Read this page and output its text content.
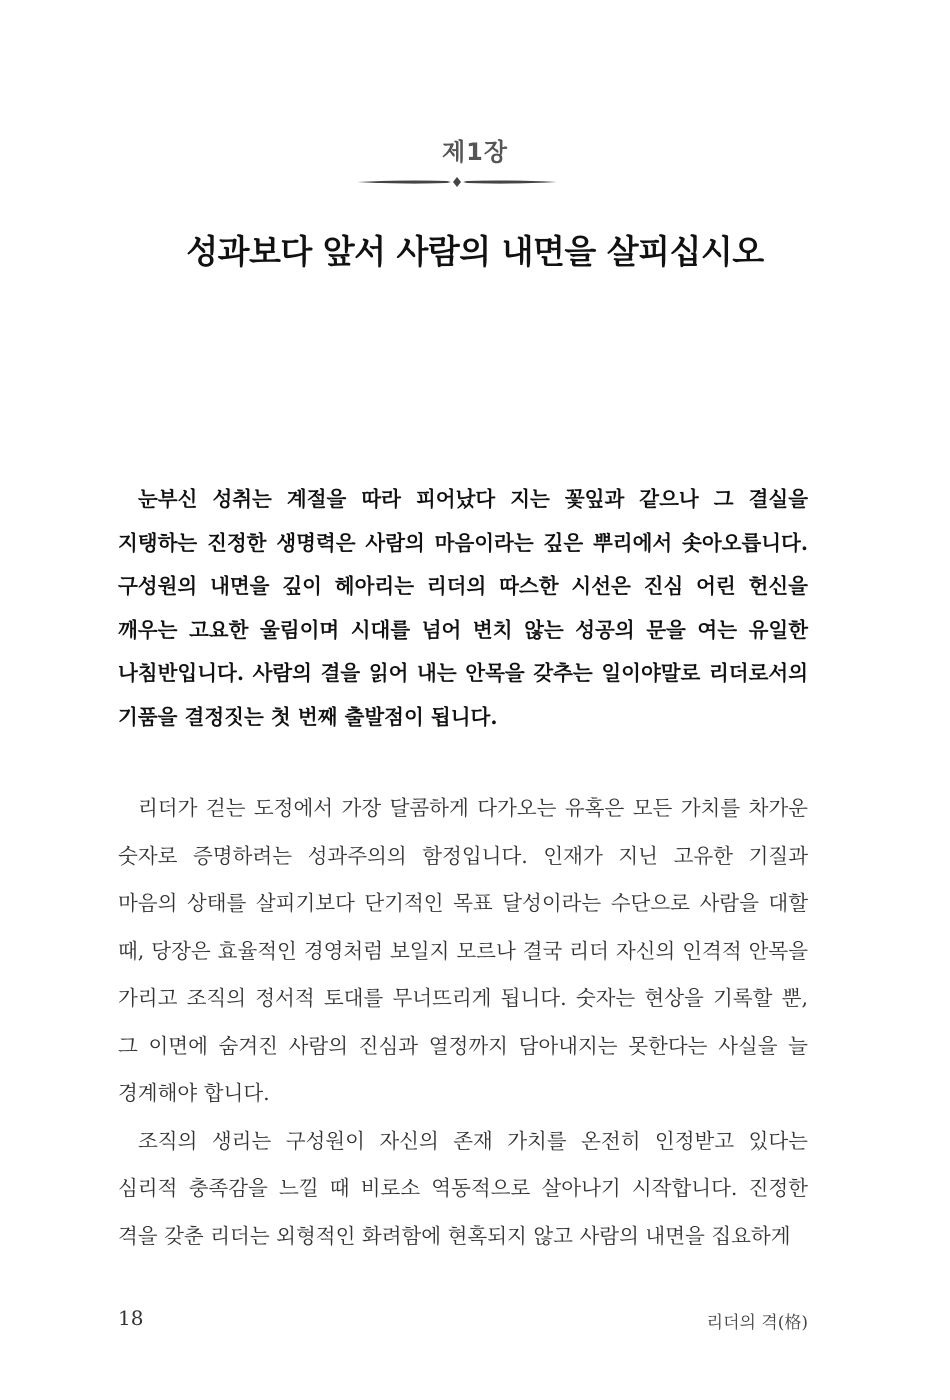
제1장
성과보다 앞서 사람의 내면을 살피십시오

눈부신 성취는 계절을 따라 피어났다 지는 꽃잎과 같으나 그 결실을 지탱하는 진정한 생명력은 사람의 마음이라는 깊은 뿌리에서 솟아오릅니다. 구성원의 내면을 깊이 헤아리는 리더의 따스한 시선은 진심 어린 헌신을 깨우는 고요한 울림이며 시대를 넘어 변치 않는 성공의 문을 여는 유일한 나침반입니다. 사람의 결을 읽어 내는 안목을 갖추는 일이야말로 리더로서의 기품을 결정짓는 첫 번째 출발점이 됩니다.

리더가 걷는 도정에서 가장 달콤하게 다가오는 유혹은 모든 가치를 차가운 숫자로 증명하려는 성과주의의 함정입니다. 인재가 지닌 고유한 기질과 마음의 상태를 살피기보다 단기적인 목표 달성이라는 수단으로 사람을 대할 때, 당장은 효율적인 경영처럼 보일지 모르나 결국 리더 자신의 인격적 안목을 가리고 조직의 정서적 토대를 무너뜨리게 됩니다. 숫자는 현상을 기록할 뿐, 그 이면에 숨겨진 사람의 진심과 열정까지 담아내지는 못한다는 사실을 늘 경계해야 합니다.

조직의 생리는 구성원이 자신의 존재 가치를 온전히 인정받고 있다는 심리적 충족감을 느낄 때 비로소 역동적으로 살아나기 시작합니다. 진정한 격을 갖춘 리더는 외형적인 화려함에 현혹되지 않고 사람의 내면을 집요하게

18	리더의 격(格)
